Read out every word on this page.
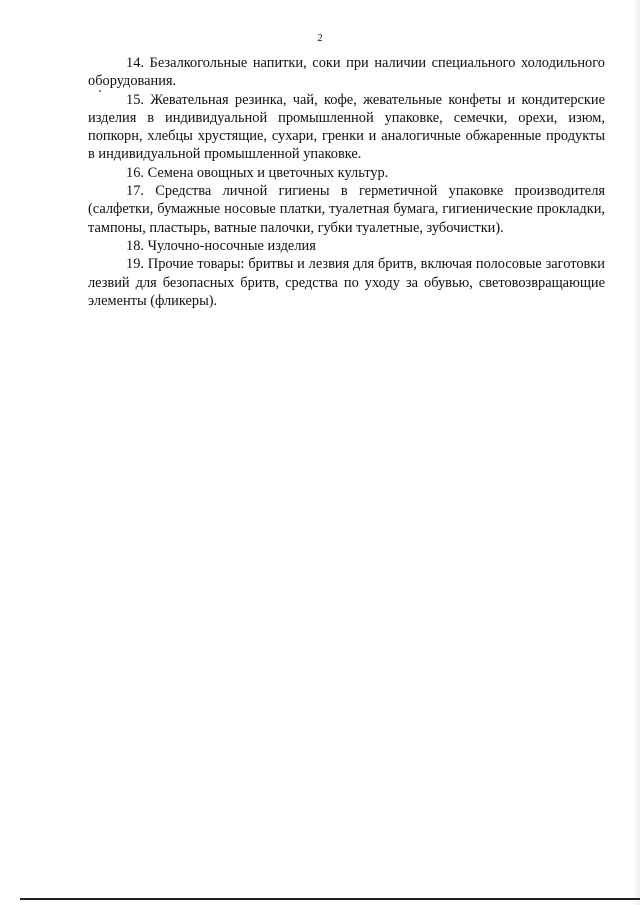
2

14. Безалкогольные напитки, соки при наличии специального холодильного оборудования.

15. Жевательная резинка, чай, кофе, жевательные конфеты и кондитерские изделия в индивидуальной промышленной упаковке, семечки, орехи, изюм, попкорн, хлебцы хрустящие, сухари, гренки и аналогичные обжаренные продукты в индивидуальной промышленной упаковке.

16. Семена овощных и цветочных культур.

17. Средства личной гигиены в герметичной упаковке производителя (салфетки, бумажные носовые платки, туалетная бумага, гигиенические прокладки, тампоны, пластырь, ватные палочки, губки туалетные, зубочистки).

18. Чулочно-носочные изделия

19. Прочие товары: бритвы и лезвия для бритв, включая полосовые заготовки лезвий для безопасных бритв, средства по уходу за обувью, световозвращающие элементы (фликеры).
